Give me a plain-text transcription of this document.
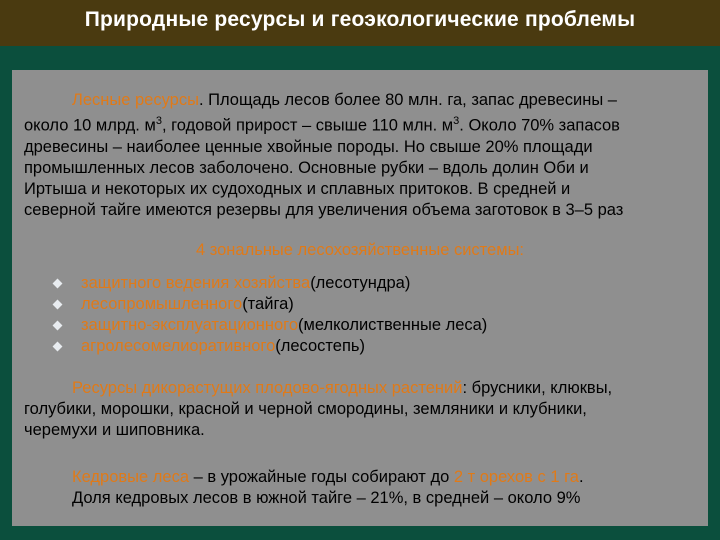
Природные ресурсы и геоэкологические проблемы
Лесные ресурсы. Площадь лесов более 80 млн. га, запас древесины –
около 10 млрд. $м^3$, годовой прирост – свыше 110 млн. $м^3$. Около 70% запасов
древесины – наиболее ценные хвойные породы. Но свыше 20% площади
промышленных лесов заболочено. Основные рубки – вдоль долин Оби и
Иртыша и некоторых их судоходных и сплавных притоков. В средней и
северной тайге имеются резервы для увеличения объема заготовок в 3–5 раз
4 зональные лесохозяйственные системы:
защитного ведения хозяйства (лесотундра)
лесопромышленного (тайга)
защитно-эксплуатационного (мелколиственные леса)
агролесомелиоративного (лесостепь)
Ресурсы дикорастущих плодово-ягодных растений: брусники, клюквы,
голубики, морошки, красной и черной смородины, земляники и клубники,
черемухи и шиповника.
Кедровые леса – в урожайные годы собирают до 2 т орехов с 1 га.
Доля кедровых лесов в южной тайге – 21%, в средней – около 9%
